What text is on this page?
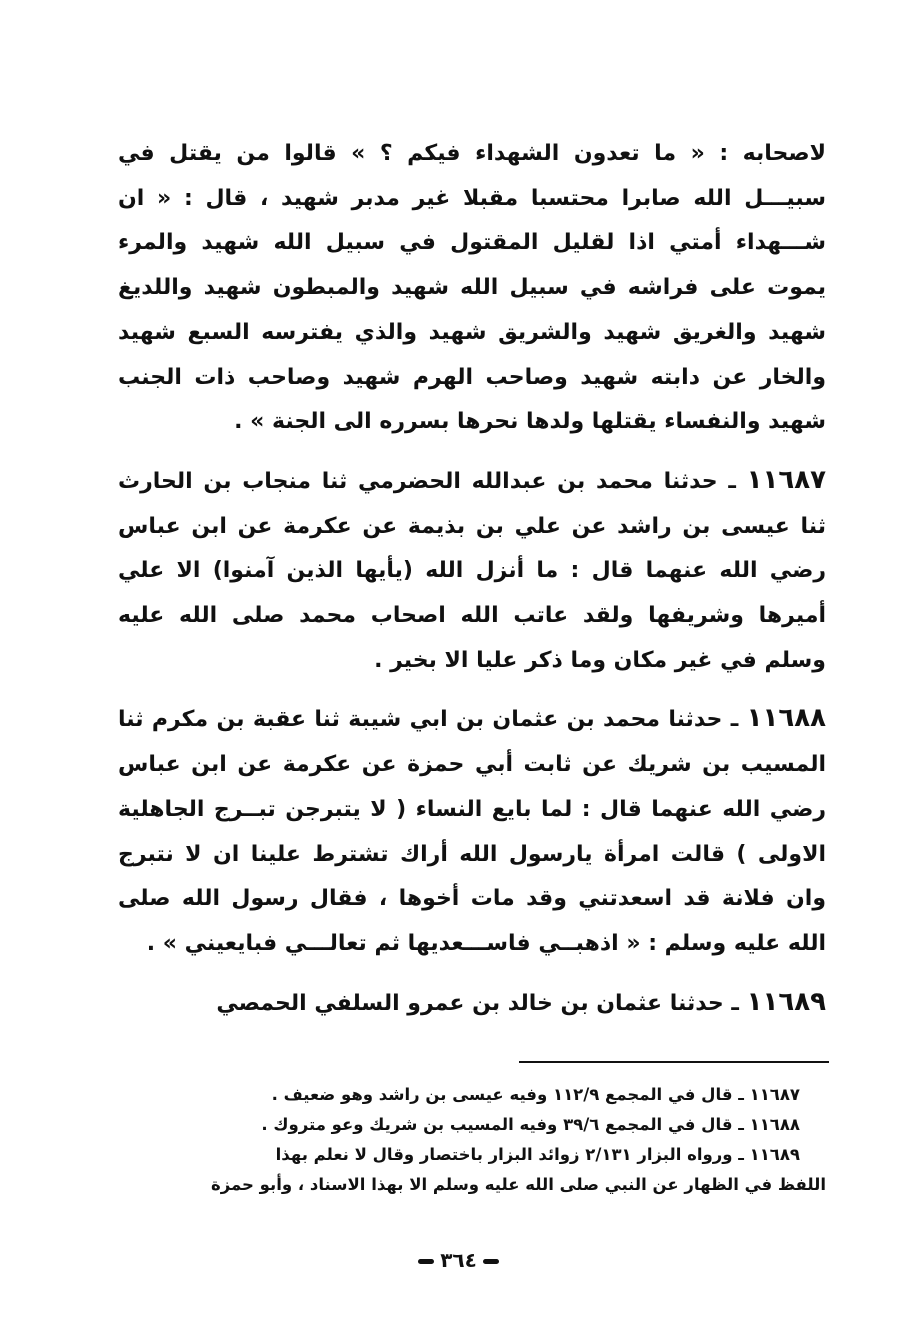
لاصحابه : « ما تعدون الشهداء فيكم ؟ » قالوا من يقتل في سبيـــل الله صابرا محتسبا مقبلا غير مدبر شهيد ، قال : « ان شـــهداء أمتي اذا لقليل المقتول في سبيل الله شهيد والمرء يموت على فراشه في سبيل الله شهيد والمبطون شهيد واللديغ شهيد والغريق شهيد والشريق شهيد والذي يفترسه السبع شهيد والخار عن دابته شهيد وصاحب الهرم شهيد وصاحب ذات الجنب شهيد والنفساء يقتلها ولدها نحرها بسرره الى الجنة » .

١١٦٨٧ ـ حدثنا محمد بن عبدالله الحضرمي ثنا منجاب بن الحارث ثنا عيسى بن راشد عن علي بن بذيمة عن عكرمة عن ابن عباس رضي الله عنهما قال : ما أنزل الله (يأيها الذين آمنوا) الا علي أميرها وشريفها ولقد عاتب الله اصحاب محمد صلى الله عليه وسلم في غير مكان وما ذكر عليا الا بخير .

١١٦٨٨ ـ حدثنا محمد بن عثمان بن ابي شيبة ثنا عقبة بن مكرم ثنا المسيب بن شريك عن ثابت أبي حمزة عن عكرمة عن ابن عباس رضي الله عنهما قال : لما بايع النساء ( لا يتبرجن تبــرج الجاهلية الاولى ) قالت امرأة يارسول الله أراك تشترط علينا ان لا نتبرج وان فلانة قد اسعدتني وقد مات أخوها ، فقال رسول الله صلى الله عليه وسلم : « اذهبــي فاســـعديها ثم تعالـــي فبايعيني » .

١١٦٨٩ ـ حدثنا عثمان بن خالد بن عمرو السلفي الحمصي

١١٦٨٧ ـ قال في المجمع ١١٢/٩ وفيه عيسى بن راشد وهو ضعيف .

١١٦٨٨ ـ قال في المجمع ٣٩/٦ وفيه المسيب بن شريك وعو متروك .

١١٦٨٩ ـ ورواه البزار ٢/١٣١ زوائد البزار باختصار وقال لا نعلم بهذا

اللفظ في الظهار عن النبي صلى الله عليه وسلم الا بهذا الاسناد ، وأبو حمزة

٣٦٤
